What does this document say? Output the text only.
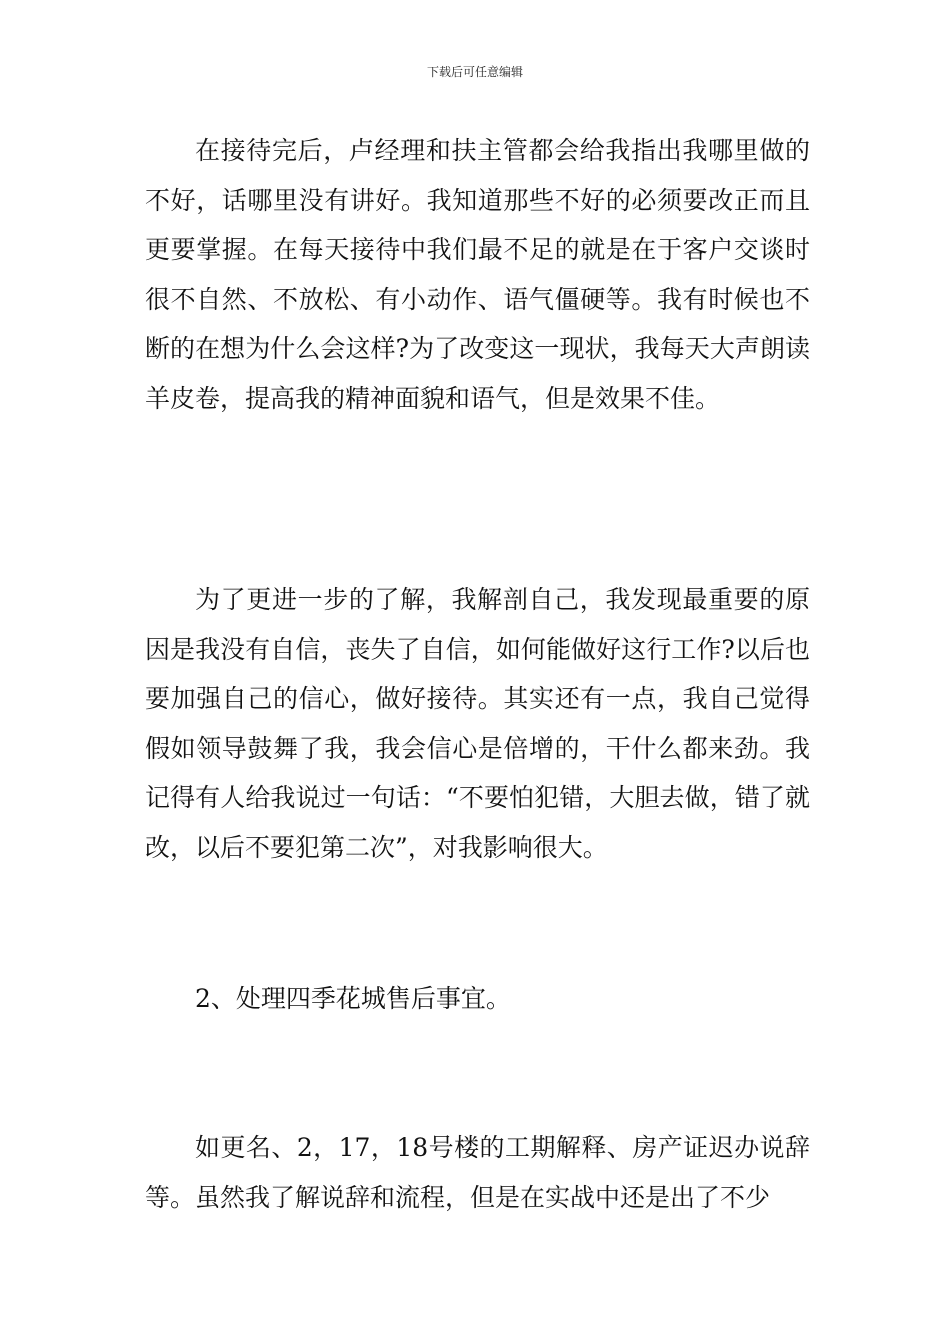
下载后可任意编辑

在接待完后，卢经理和扶主管都会给我指出我哪里做的不好，话哪里没有讲好。我知道那些不好的必须要改正而且更要掌握。在每天接待中我们最不足的就是在于客户交谈时很不自然、不放松、有小动作、语气僵硬等。我有时候也不断的在想为什么会这样?为了改变这一现状，我每天大声朗读羊皮卷，提高我的精神面貌和语气，但是效果不佳。

为了更进一步的了解，我解剖自己，我发现最重要的原因是我没有自信，丧失了自信，如何能做好这行工作?以后也要加强自己的信心，做好接待。其实还有一点，我自己觉得假如领导鼓舞了我，我会信心是倍增的，干什么都来劲。我记得有人给我说过一句话：“不要怕犯错，大胆去做，错了就改，以后不要犯第二次”，对我影响很大。

2、处理四季花城售后事宜。

如更名、2，17，18号楼的工期解释、房产证迟办说辞等。虽然我了解说辞和流程，但是在实战中还是出了不少
